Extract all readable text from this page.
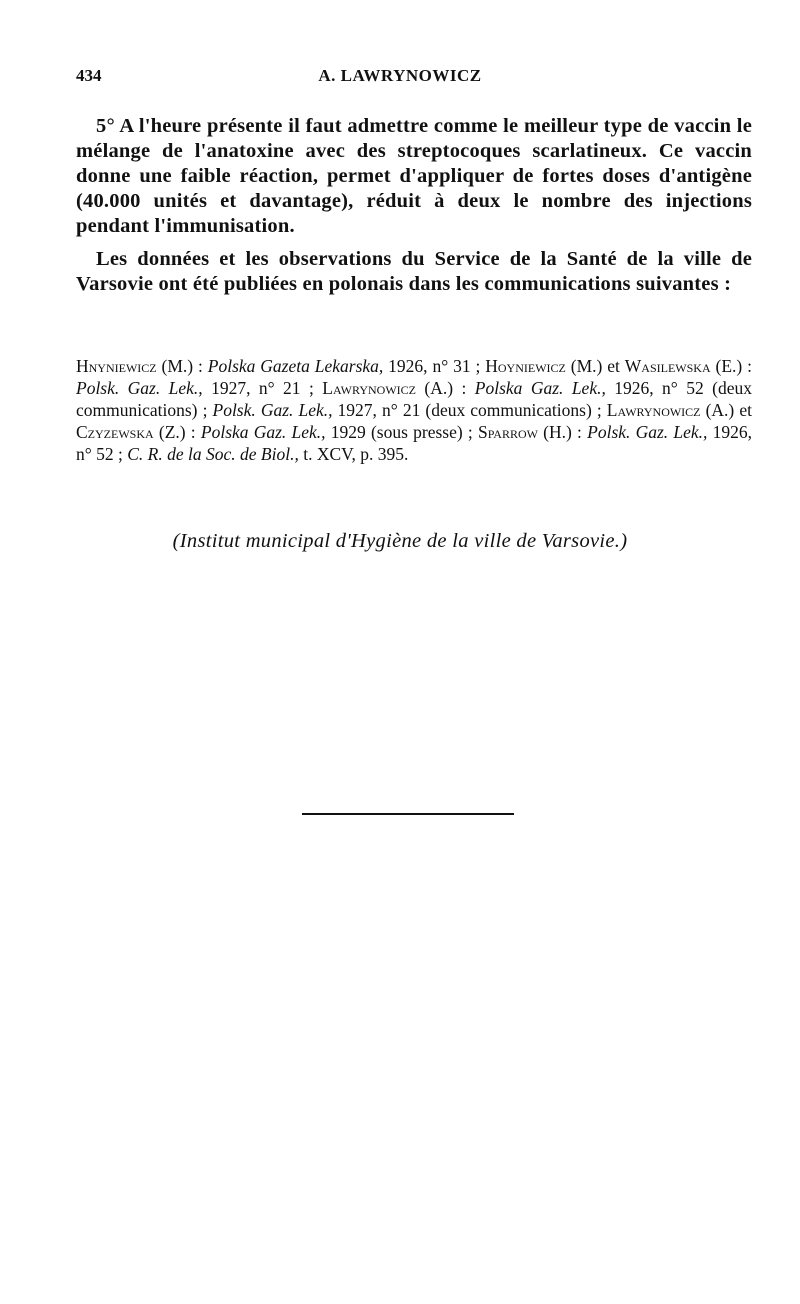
434	A. LAWRYNOWICZ

5° A l'heure présente il faut admettre comme le meilleur type de vaccin le mélange de l'anatoxine avec des streptocoques scarlatineux. Ce vaccin donne une faible réaction, permet d'appliquer de fortes doses d'antigène (40.000 unités et davantage), réduit à deux le nombre des injections pendant l'immunisation.

Les données et les observations du Service de la Santé de la ville de Varsovie ont été publiées en polonais dans les communications suivantes :

Hnyniewicz (M.) : Polska Gazeta Lekarska, 1926, n° 31 ; Hoyniewicz (M.) et Wasilewska (E.) : Polsk. Gaz. Lek., 1927, n° 21 ; Lawrynowicz (A.) : Polska Gaz. Lek., 1926, n° 52 (deux communications) ; Polsk. Gaz. Lek., 1927, n° 21 (deux communications) ; Lawrynowicz (A.) et Czyzewska (Z.) : Polska Gaz. Lek., 1929 (sous presse) ; Sparrow (H.) : Polsk. Gaz. Lek., 1926, n° 52 ; C. R. de la Soc. de Biol., t. XCV, p. 395.

(Institut municipal d'Hygiène de la ville de Varsovie.)
